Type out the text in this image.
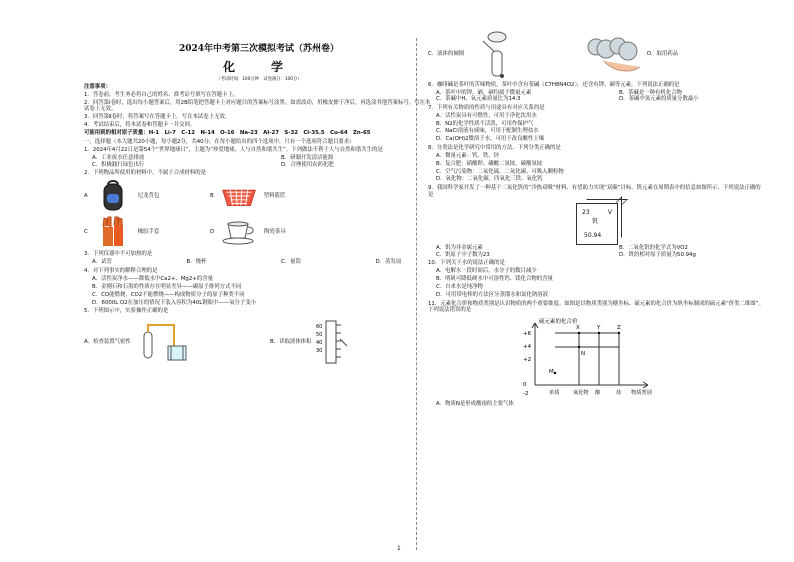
2024年中考第三次模拟考试（苏州卷）
化　学
（考试时间：100分钟　试卷满分：100分）
注意事项：
1．答卷前，考生务必将自己的姓名、准考证号填写在答题卡上。
2．回答第Ⅰ卷时，选出每小题答案后，用2B铅笔把答题卡上对应题目的答案标号涂黑。如需改动，用橡皮擦干净后，再选涂其他答案标号。写在本试卷上无效。
3．回答第Ⅱ卷时，将答案写在答题卡上。写在本试卷上无效。
4．考试结束后，将本试卷和答题卡一并交回。
可能用到的相对原子质量：H-1　Li-7　C-12　N-14　O-16　Na-23　Al-27　S-32　Cl-35.5　Cu-64　Zn-65
一、选择题（本大题共20小题，每小题2分，共40分。在每小题给出的四个选项中，只有一个选项符合题目要求）
1．2024年4月22日是第54个“世界地球日”，主题为“珍爱地球，人与自然和谐共生”。下列做法不利于人与自然和谐共生的是
A．工业废水任意排放	B．研制开发清洁能源
C．积极践行绿色出行	D．合理使用农药化肥
2．下列物品所使用的材料中，不属于合成材料的是
A	尼龙背包	B	塑料篮筐
C	橡胶手套	D	陶瓷茶具
3．下列仪器中不可加热的是
A．试管	B．烧杯	C．量筒	D．蒸发皿
4．对下列事实的解释合理的是
A．活性炭净水——降低水中Ca2+、Mg2+的含量
B．金刚石和石墨的性质存在明显差异——碳原子排列方式不同
C．CO能燃烧，CO2不能燃烧——构成物质分子的原子种类不同
D．6000L O2在加压的情况下装入容积为40L钢瓶中——氧分子变小
5．下列图示中，实验操作正确的是
A．检查装置气密性	B．读取液体体积
60
50
40
30
C．液体的倾倒	D．取用药品
6．咖啡碱是茶叶的苦味物质，茶叶中含有茶碱（C7H8N4O2），还含有钾、硒等元素。下列说法正确的是
A．茶叶中的钾、硒，硒均属于微量元素	B．茶碱是一种有机化合物
C．茶碱中H、氧元素质量比为14:3	D．茶碱中氢元素的质量分数最小
7．下列有关物质的性质与用途具有对应关系的是
A．活性炭具有可燃性，可用于净化饮用水
B．N2的化学性质不活泼，可用作保护气
C．NaCl溶液有咸味，可用于配制生理盐水
D．Ca(OH)2微溶于水，可用于改良酸性土壤
8．分类法是化学研究中常用的方法。下列分类正确的是
A．微量元素：钙、铁、锌
B．复合肥：硝酸钾、磷酸二氢铵、碳酸氢铵
C．空气污染物：二氧化硫、二氧化碳、可吸入颗粒物
D．氧化物：二氧化碳、四氧化三铁、氧化钙
9．我国科学家开发了一种基于二氧化钒的“冷热双吸”材料，有望助力实现“双碳”目标。钒元素在周期表中的信息如图所示，下列说法正确的是
23	V
钒
50.94
A．钒为非金属元素	B．二氧化钒的化学式为VO2
C．钒原子中子数为23	D．钒的相对原子质量为50.94g
10．下列关于水的说法正确的是
A．电解水一段时间后，水分子的数目减少
B．明矾可降低硬水中可溶性钙、镁化合物的含量
C．自来水是纯净物
D．可用带电棒的方法区分蒸馏水和氯化钠溶液
11．元素化合价和物质类别是认识物质的两个重要维度。如图是以物质类别为横坐标、硫元素的化合价为纵坐标制成的硫元素“价类二维图”。下列说法错误的是
硫元素的化合价
+6
+4
+2
0
-2
X	Y	Z
N
M
单质	氧化物 酸	盐 物质类别
A．物质N是形成酸雨的主要气体
1
